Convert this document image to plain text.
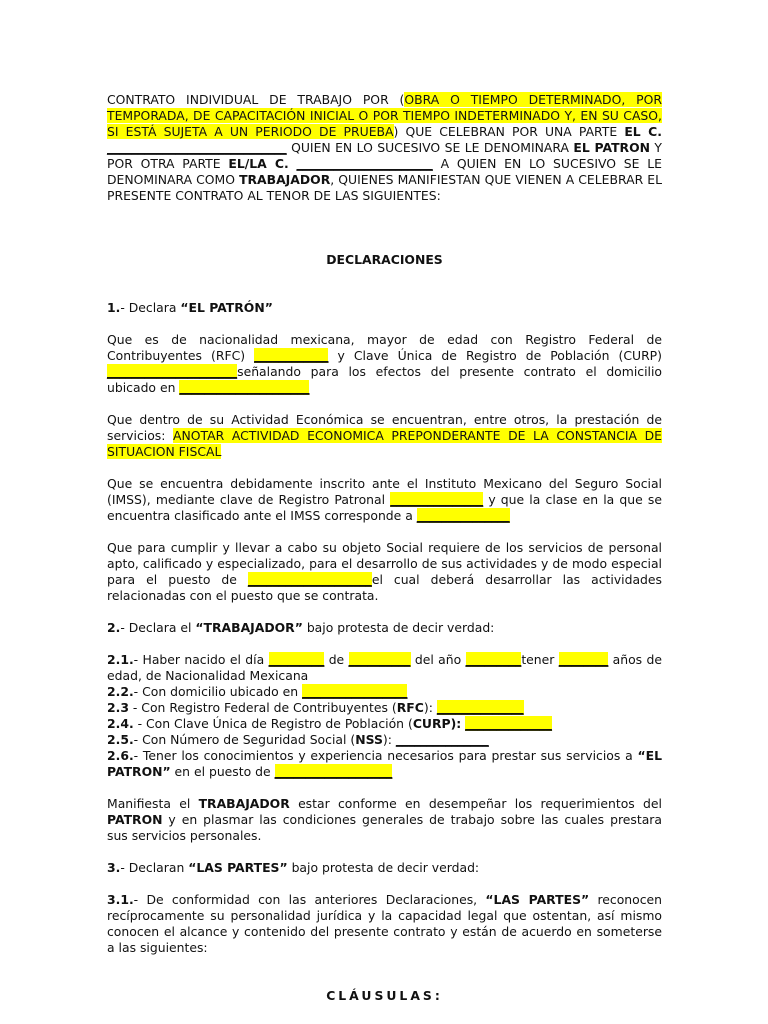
CONTRATO INDIVIDUAL DE TRABAJO POR (OBRA O TIEMPO DETERMINADO, POR TEMPORADA, DE CAPACITACIÓN INICIAL O POR TIEMPO INDETERMINADO Y, EN SU CASO, SI ESTÁ SUJETA A UN PERIODO DE PRUEBA) QUE CELEBRAN POR UNA PARTE EL C. _____________________________ QUIEN EN LO SUCESIVO SE LE DENOMINARA EL PATRON Y POR OTRA PARTE EL/LA C. ______________________ A QUIEN EN LO SUCESIVO SE LE DENOMINARA COMO TRABAJADOR, QUIENES MANIFIESTAN QUE VIENEN A CELEBRAR EL PRESENTE CONTRATO AL TENOR DE LAS SIGUIENTES:

DECLARACIONES

1.- Declara “EL PATRÓN”

Que es de nacionalidad mexicana, mayor de edad con Registro Federal de Contribuyentes (RFC) ____________ y Clave Única de Registro de Población (CURP) _____________________señalando para los efectos del presente contrato el domicilio ubicado en _____________________

Que dentro de su Actividad Económica se encuentran, entre otros, la prestación de servicios: ANOTAR ACTIVIDAD ECONOMICA PREPONDERANTE DE LA CONSTANCIA DE SITUACION FISCAL

Que se encuentra debidamente inscrito ante el Instituto Mexicano del Seguro Social (IMSS), mediante clave de Registro Patronal _______________ y que la clase en la que se encuentra clasificado ante el IMSS corresponde a _______________

Que para cumplir y llevar a cabo su objeto Social requiere de los servicios de personal apto, calificado y especializado, para el desarrollo de sus actividades y de modo especial para el puesto de ____________________el cual deberá desarrollar las actividades relacionadas con el puesto que se contrata.

2.- Declara el “TRABAJADOR” bajo protesta de decir verdad:

2.1.- Haber nacido el día _________ de __________ del año _________tener ________ años de edad, de Nacionalidad Mexicana

2.2.- Con domicilio ubicado en _________________

2.3 - Con Registro Federal de Contribuyentes (RFC): ______________

2.4. - Con Clave Única de Registro de Población (CURP): ______________

2.5.- Con Número de Seguridad Social (NSS): _______________

2.6.- Tener los conocimientos y experiencia necesarios para prestar sus servicios a “EL PATRON” en el puesto de ___________________

Manifiesta el TRABAJADOR estar conforme en desempeñar los requerimientos del PATRON y en plasmar las condiciones generales de trabajo sobre las cuales prestara sus servicios personales.

3.- Declaran “LAS PARTES” bajo protesta de decir verdad:

3.1.- De conformidad con las anteriores Declaraciones, “LAS PARTES” reconocen recíprocamente su personalidad jurídica y la capacidad legal que ostentan, así mismo conocen el alcance y contenido del presente contrato y están de acuerdo en someterse a las siguientes:

CLÁUSULAS:
